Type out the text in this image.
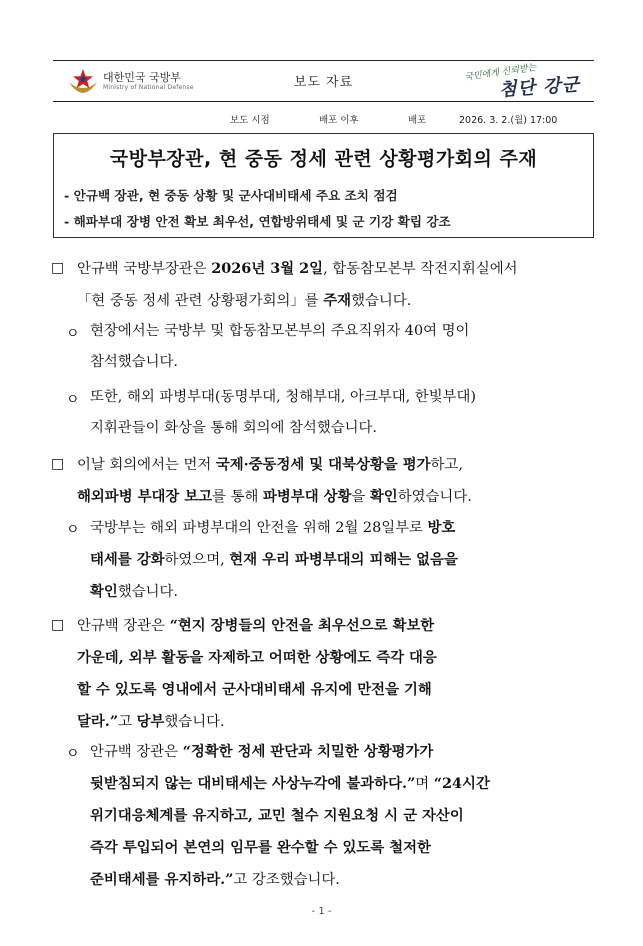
대한민국 국방부
Ministry of National Defense	보도 자료	국민에게 신뢰받는
첨단 강군
보도 시점	배포 이후	배포	2026. 3. 2.(월) 17:00
국방부장관, 현 중동 정세 관련 상황평가회의 주재
- 안규백 장관, 현 중동 상황 및 군사대비태세 주요 조치 점검
- 해파부대 장병 안전 확보 최우선, 연합방위태세 및 군 기강 확립 강조
□ 안규백 국방부장관은 2026년 3월 2일, 합동참모본부 작전지휘실에서

「현 중동 정세 관련 상황평가회의」를 주재했습니다.

ㅇ 현장에서는 국방부 및 합동참모본부의 주요직위자 40여 명이

참석했습니다.

ㅇ 또한, 해외 파병부대(동명부대, 청해부대, 아크부대, 한빛부대)

지휘관들이 화상을 통해 회의에 참석했습니다.

□ 이날 회의에서는 먼저 국제·중동정세 및 대북상황을 평가하고,

해외파병 부대장 보고를 통해 파병부대 상황을 확인하였습니다.

ㅇ 국방부는 해외 파병부대의 안전을 위해 2월 28일부로 방호

태세를 강화하였으며, 현재 우리 파병부대의 피해는 없음을

확인했습니다.

□ 안규백 장관은 “현지 장병들의 안전을 최우선으로 확보한

가운데, 외부 활동을 자제하고 어떠한 상황에도 즉각 대응

할 수 있도록 영내에서 군사대비태세 유지에 만전을 기해

달라.”고 당부했습니다.

ㅇ 안규백 장관은 “정확한 정세 판단과 치밀한 상황평가가

뒷받침되지 않는 대비태세는 사상누각에 불과하다.”며 “24시간

위기대응체계를 유지하고, 교민 철수 지원요청 시 군 자산이

즉각 투입되어 본연의 임무를 완수할 수 있도록 철저한

준비태세를 유지하라.”고 강조했습니다.

- 1 -
